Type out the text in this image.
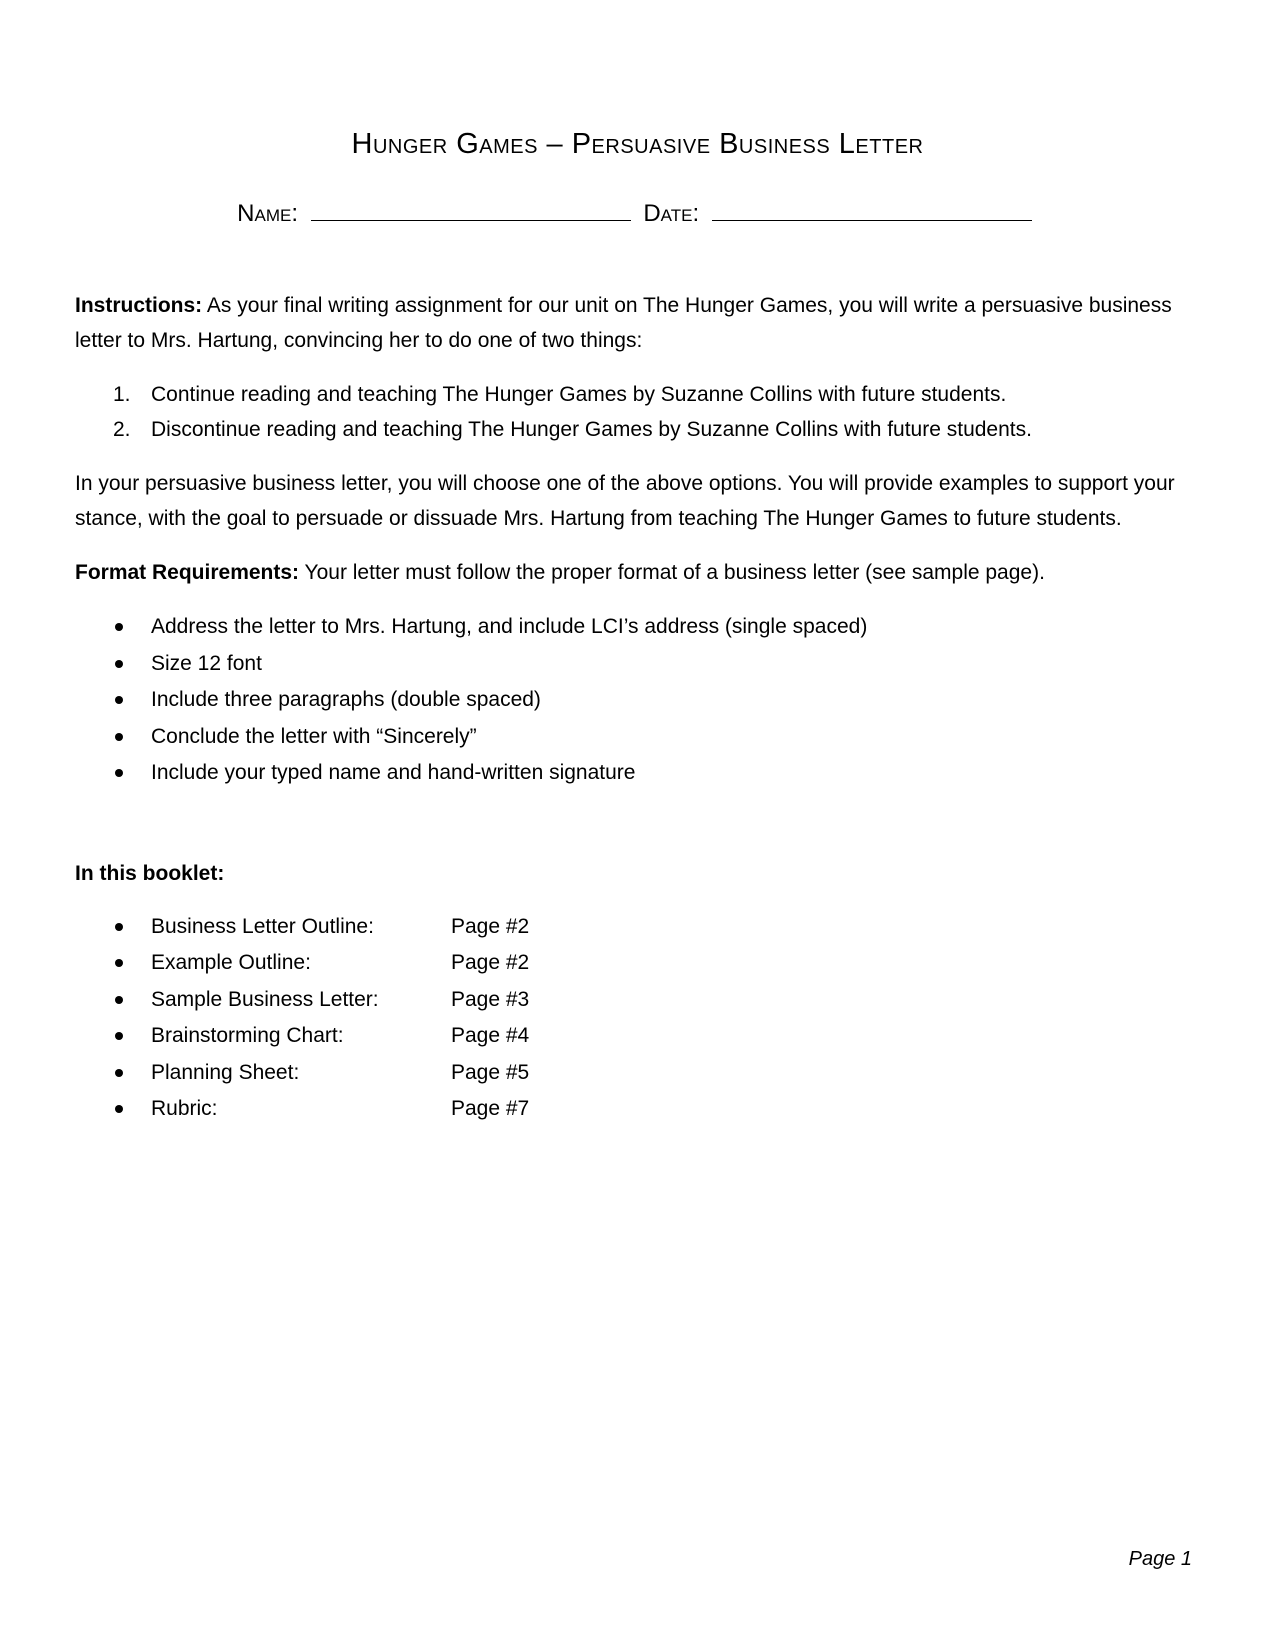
Hunger Games – Persuasive Business Letter
Name:	Date:

Instructions: As your final writing assignment for our unit on The Hunger Games, you will write a persuasive business letter to Mrs. Hartung, convincing her to do one of two things:

1. Continue reading and teaching The Hunger Games by Suzanne Collins with future students.
2. Discontinue reading and teaching The Hunger Games by Suzanne Collins with future students.

In your persuasive business letter, you will choose one of the above options. You will provide examples to support your stance, with the goal to persuade or dissuade Mrs. Hartung from teaching The Hunger Games to future students.

Format Requirements: Your letter must follow the proper format of a business letter (see sample page).

Address the letter to Mrs. Hartung, and include LCI’s address (single spaced)
Size 12 font
Include three paragraphs (double spaced)
Conclude the letter with “Sincerely”
Include your typed name and hand-written signature

In this booklet:

Business Letter Outline:	Page #2
Example Outline:	Page #2
Sample Business Letter:	Page #3
Brainstorming Chart:	Page #4
Planning Sheet:	Page #5
Rubric:	Page #7
Page 1
